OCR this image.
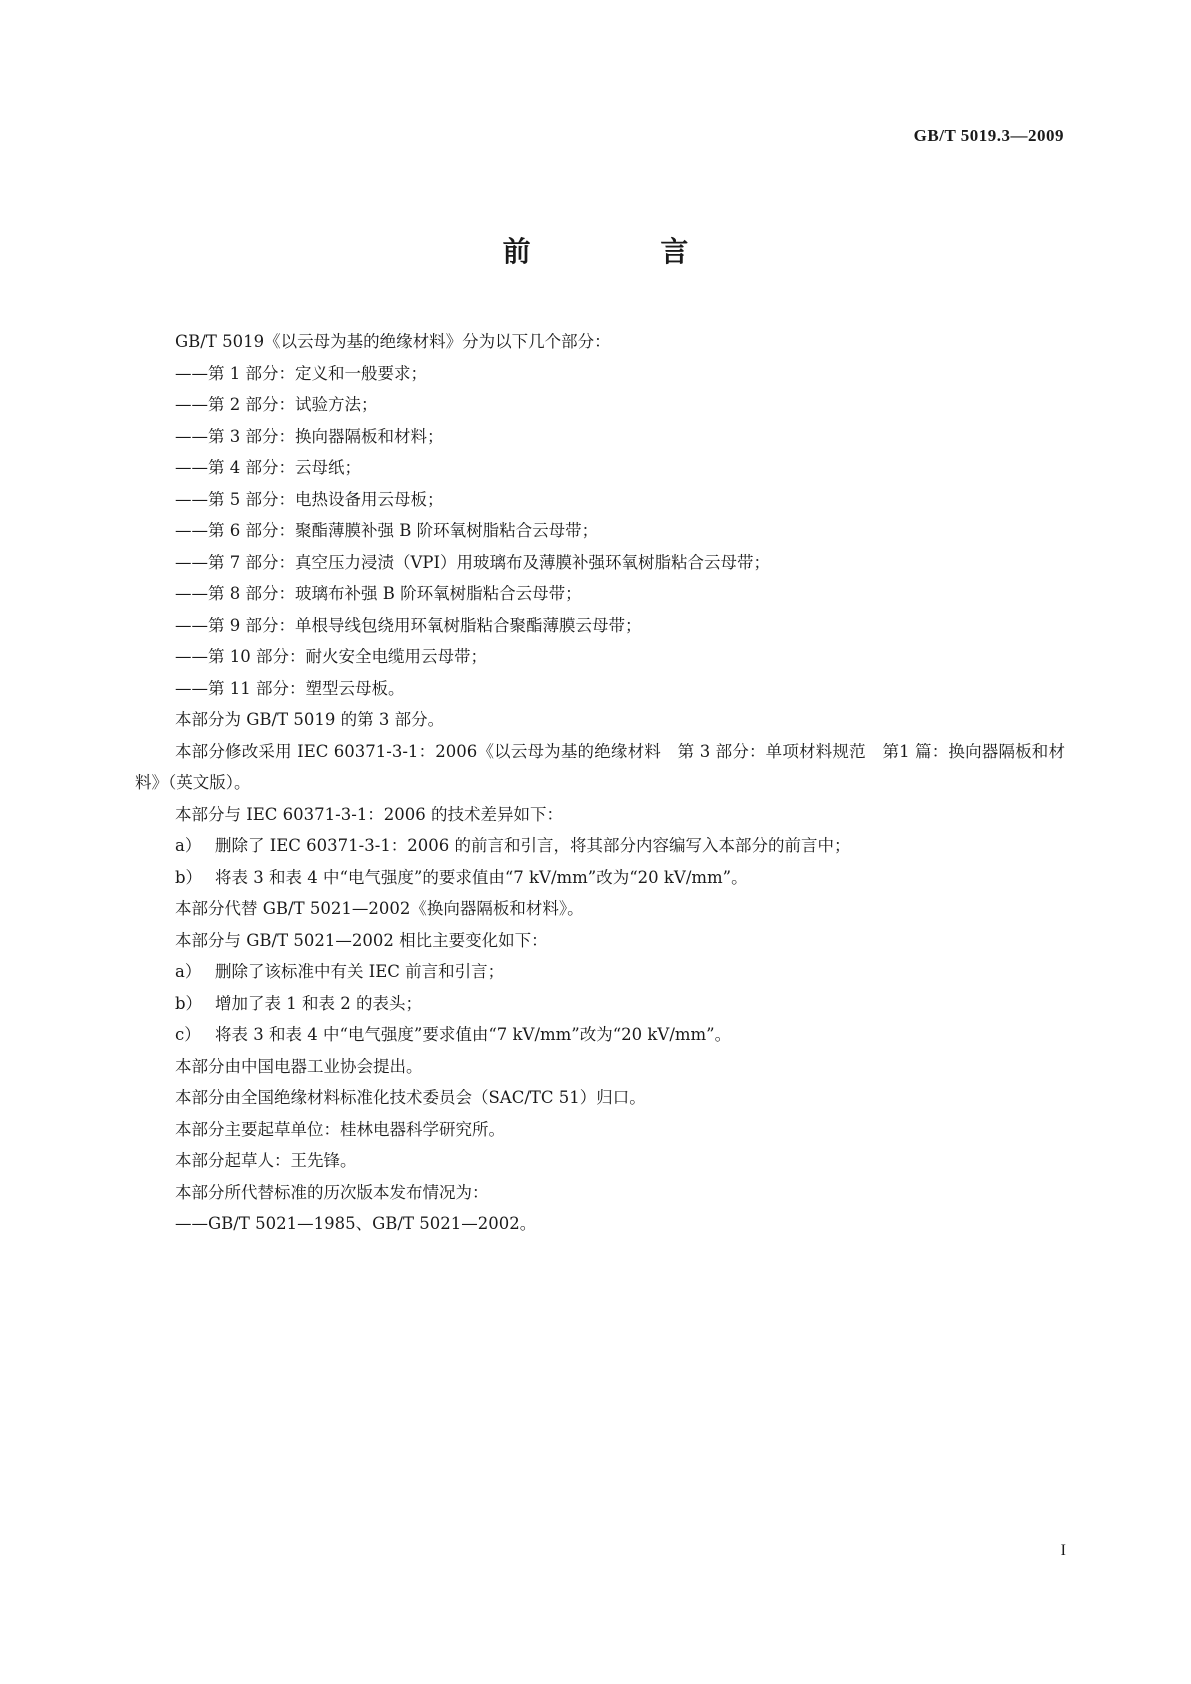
GB/T 5019.3—2009
前 言

GB/T 5019《以云母为基的绝缘材料》分为以下几个部分：

——第 1 部分：定义和一般要求；

——第 2 部分：试验方法；

——第 3 部分：换向器隔板和材料；

——第 4 部分：云母纸；

——第 5 部分：电热设备用云母板；

——第 6 部分：聚酯薄膜补强 B 阶环氧树脂粘合云母带；

——第 7 部分：真空压力浸渍（VPI）用玻璃布及薄膜补强环氧树脂粘合云母带；

——第 8 部分：玻璃布补强 B 阶环氧树脂粘合云母带；

——第 9 部分：单根导线包绕用环氧树脂粘合聚酯薄膜云母带；

——第 10 部分：耐火安全电缆用云母带；

——第 11 部分：塑型云母板。

本部分为 GB/T 5019 的第 3 部分。

本部分修改采用 IEC 60371-3-1：2006《以云母为基的绝缘材料　第 3 部分：单项材料规范　第1 篇：换向器隔板和材料》（英文版）。

本部分与 IEC 60371-3-1：2006 的技术差异如下：

a） 删除了 IEC 60371-3-1：2006 的前言和引言，将其部分内容编写入本部分的前言中；

b） 将表 3 和表 4 中“电气强度”的要求值由“7 kV/mm”改为“20 kV/mm”。

本部分代替 GB/T 5021—2002《换向器隔板和材料》。

本部分与 GB/T 5021—2002 相比主要变化如下：

a） 删除了该标准中有关 IEC 前言和引言；

b） 增加了表 1 和表 2 的表头；

c） 将表 3 和表 4 中“电气强度”要求值由“7 kV/mm”改为“20 kV/mm”。

本部分由中国电器工业协会提出。

本部分由全国绝缘材料标准化技术委员会（SAC/TC 51）归口。

本部分主要起草单位：桂林电器科学研究所。

本部分起草人：王先锋。

本部分所代替标准的历次版本发布情况为：

——GB/T 5021—1985、GB/T 5021—2002。

I
